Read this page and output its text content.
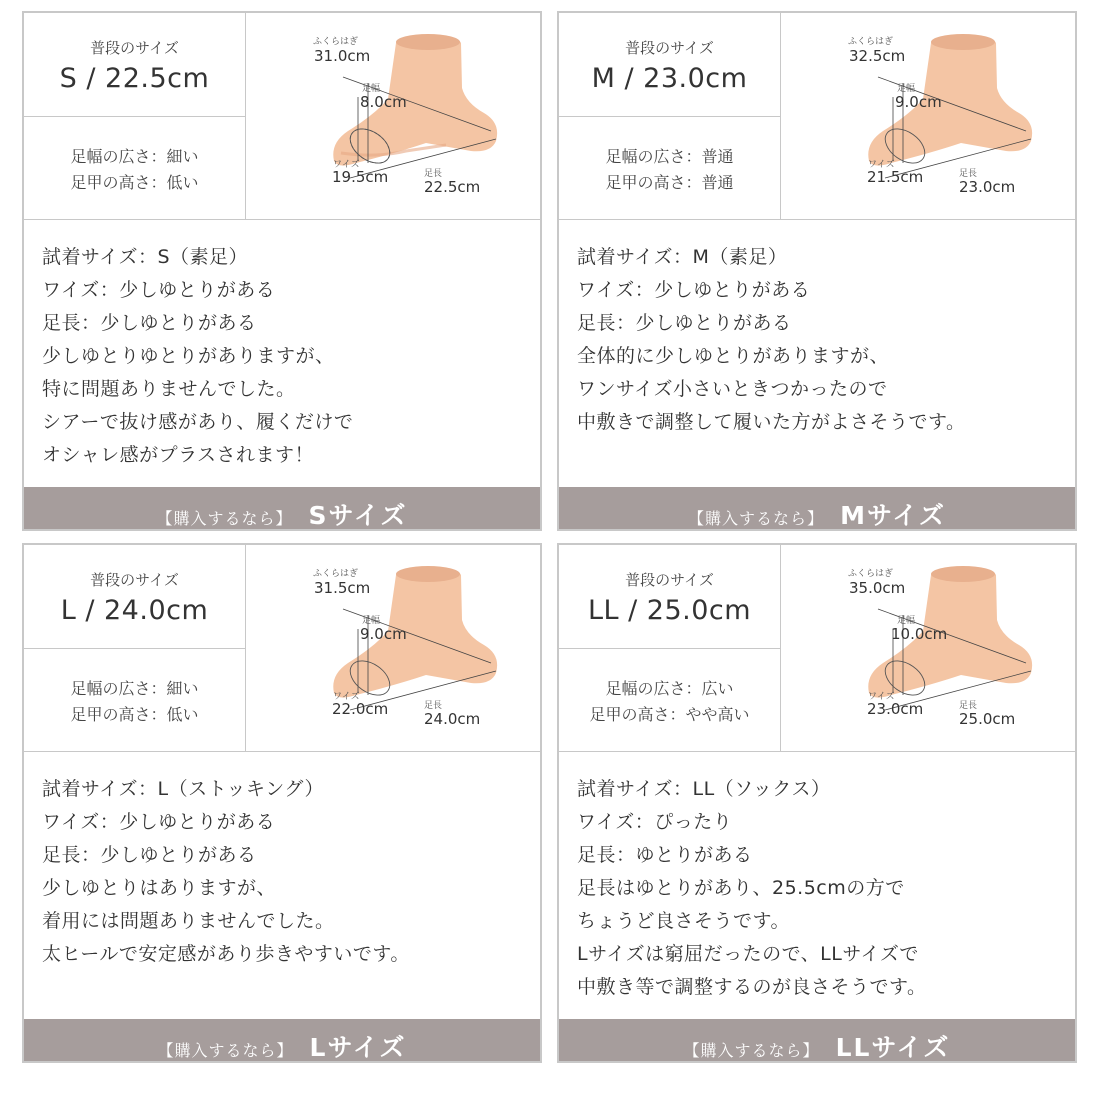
普段のサイズ
S / 22.5cm
足幅の広さ：細い
足甲の高さ：低い
ふくらはぎ
31.0cm
足幅
8.0cm
ワイズ
19.5cm	足長
22.5cm
試着サイズ：S（素足）
ワイズ：少しゆとりがある
足長：少しゆとりがある
少しゆとりゆとりがありますが、
特に問題ありませんでした。
シアーで抜け感があり、履くだけで
オシャレ感がプラスされます！
【購入するなら】 Sサイズ
普段のサイズ
M / 23.0cm
足幅の広さ：普通
足甲の高さ：普通
ふくらはぎ
32.5cm
足幅
9.0cm
ワイズ
21.5cm	足長
23.0cm
試着サイズ：M（素足）
ワイズ：少しゆとりがある
足長：少しゆとりがある
全体的に少しゆとりがありますが、
ワンサイズ小さいときつかったので
中敷きで調整して履いた方がよさそうです。
【購入するなら】 Mサイズ
普段のサイズ
L / 24.0cm
足幅の広さ：細い
足甲の高さ：低い
ふくらはぎ
31.5cm
足幅
9.0cm
ワイズ
22.0cm	足長
24.0cm
試着サイズ：L（ストッキング）
ワイズ：少しゆとりがある
足長：少しゆとりがある
少しゆとりはありますが、
着用には問題ありませんでした。
太ヒールで安定感があり歩きやすいです。
【購入するなら】 Lサイズ
普段のサイズ
LL / 25.0cm
足幅の広さ：広い
足甲の高さ：やや高い
ふくらはぎ
35.0cm
足幅
10.0cm
ワイズ
23.0cm	足長
25.0cm
試着サイズ：LL（ソックス）
ワイズ：ぴったり
足長：ゆとりがある
足長はゆとりがあり、25.5cmの方で
ちょうど良さそうです。
Lサイズは窮屈だったので、LLサイズで
中敷き等で調整するのが良さそうです。
【購入するなら】 LLサイズ
